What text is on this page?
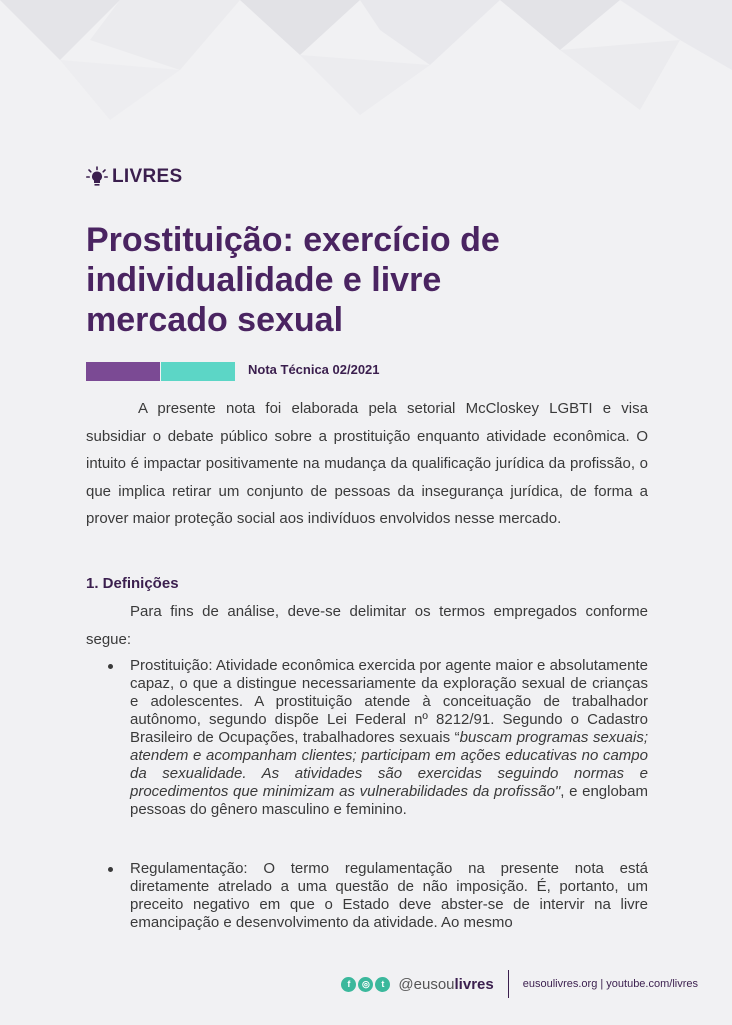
LIVRES
Prostituição: exercício de
individualidade e livre
mercado sexual
Nota Técnica 02/2021

A presente nota foi elaborada pela setorial McCloskey LGBTI e visa subsidiar o debate público sobre a prostituição enquanto atividade econômica. O intuito é impactar positivamente na mudança da qualificação jurídica da profissão, o que implica retirar um conjunto de pessoas da insegurança jurídica, de forma a prover maior proteção social aos indivíduos envolvidos nesse mercado.

1. Definições

Para fins de análise, deve-se delimitar os termos empregados conforme segue:

Prostituição: Atividade econômica exercida por agente maior e absolutamente capaz, o que a distingue necessariamente da exploração sexual de crianças e adolescentes. A prostituição atende à conceituação de trabalhador autônomo, segundo dispõe Lei Federal nº 8212/91. Segundo o Cadastro Brasileiro de Ocupações, trabalhadores sexuais “buscam programas sexuais; atendem e acompanham clientes; participam em ações educativas no campo da sexualidade. As atividades são exercidas seguindo normas e procedimentos que minimizam as vulnerabilidades da profissão", e englobam pessoas do gênero masculino e feminino.
Regulamentação: O termo regulamentação na presente nota está diretamente atrelado a uma questão de não imposição. É, portanto, um preceito negativo em que o Estado deve abster-se de intervir na livre emancipação e desenvolvimento da atividade. Ao mesmo
f	◎	t @eusoulivres	eusoulivres.org | youtube.com/livres
